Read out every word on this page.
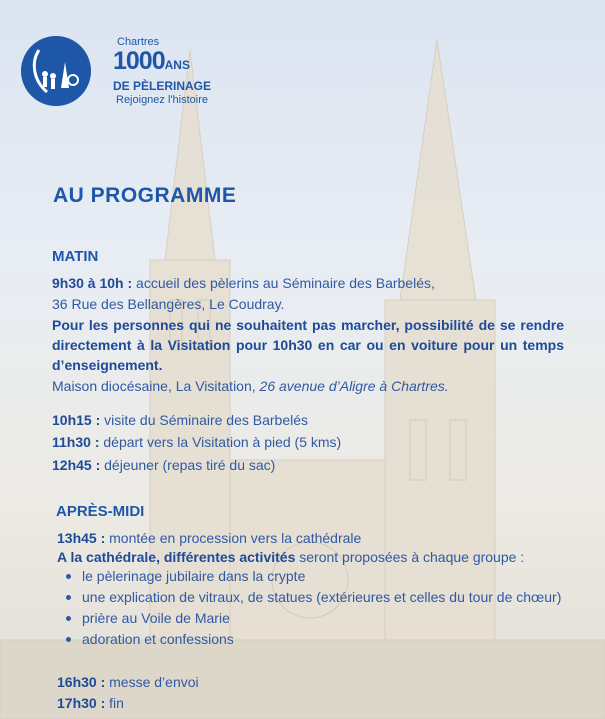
Chartres
1000ANS
DE PÈLERINAGE
Rejoignez l'histoire
AU PROGRAMME
MATIN
9h30 à 10h : accueil des pèlerins au Séminaire des Barbelés,
36 Rue des Bellangères, Le Coudray.
Pour les personnes qui ne souhaitent pas marcher, possibilité de se rendre directement à la Visitation pour 10h30 en car ou en voiture pour un temps d’enseignement.
Maison diocésaine, La Visitation, 26 avenue d’Aligre à Chartres.
10h15 : visite du Séminaire des Barbelés
11h30 : départ vers la Visitation à pied (5 kms)
12h45 : déjeuner (repas tiré du sac)
APRÈS-MIDI
13h45 : montée en procession vers la cathédrale
A la cathédrale, différentes activités seront proposées à chaque groupe :
le pèlerinage jubilaire dans la crypte
une explication de vitraux, de statues (extérieures et celles du tour de chœur)
prière au Voile de Marie
adoration et confessions
16h30 : messe d’envoi
17h30 : fin
